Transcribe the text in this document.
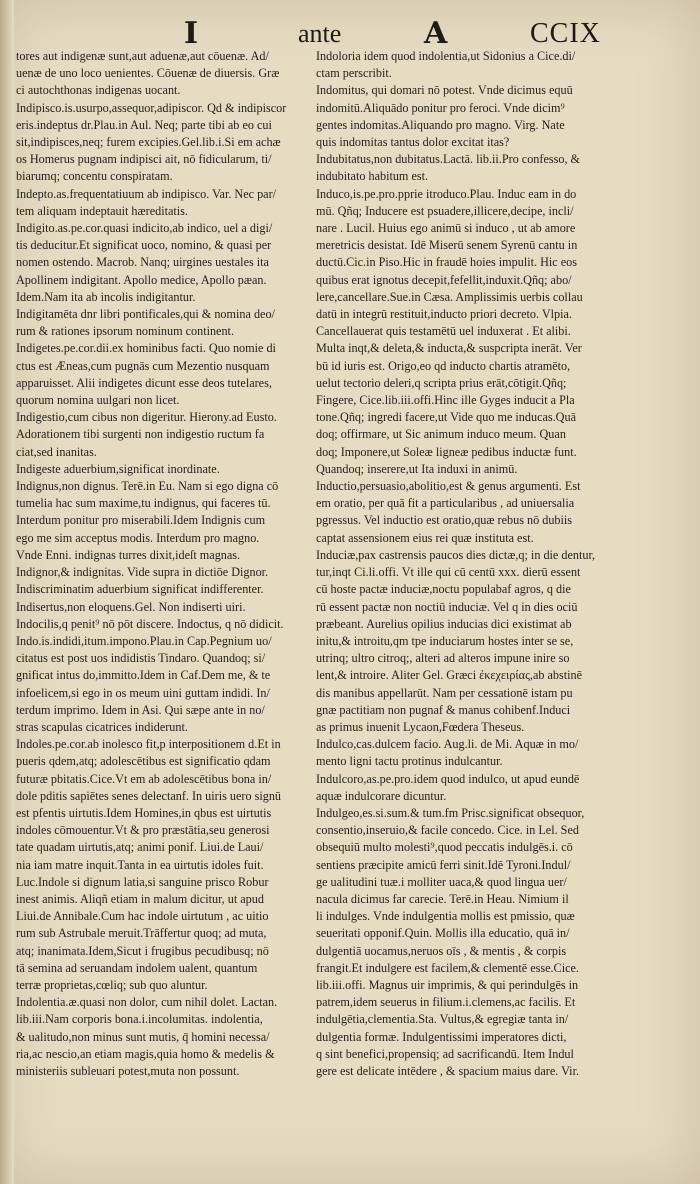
I	ante	A	CCIX
tores aut indigenæ sunt,aut aduenæ,aut cōuenæ. Ad/
uenæ de uno loco uenientes. Cōuenæ de diuersis. Græ
ci autochthonas indigenas uocant.
Indipisco.is.usurpo,assequor,adipiscor. Qd & indipiscor
eris.indeptus dr.Plau.in Aul. Neq; parte tibi ab eo cui
sit,indipisces,neq; furem excipies.Gel.lib.i.Si em achæ
os Homerus pugnam indipisci ait, nō fidicularum, ti/
biarumq; concentu conspiratam.
Indepto.as.frequentatiuum ab indipisco. Var. Nec par/
tem aliquam indeptauit hæreditatis.
Indigito.as.pe.cor.quasi indicito,ab indico, uel a digi/
tis deducitur.Et significat uoco, nomino, & quasi per
nomen ostendo. Macrob. Nanq; uirgines uestales ita
Apollinem indigitant. Apollo medice, Apollo pæan.
Idem.Nam ita ab incolis indigitantur.
Indigitamēta dnr libri pontificales,qui & nomina deo/
rum & rationes ipsorum nominum continent.
Indigetes.pe.cor.dii.ex hominibus facti. Quo nomie di
ctus est Æneas,cum pugnās cum Mezentio nusquam
apparuisset. Alii indigetes dicunt esse deos tutelares,
quorum nomina uulgari non licet.
Indigestio,cum cibus non digeritur. Hierony.ad Eusto.
Adorationem tibi surgenti non indigestio ructum fa
ciat,sed inanitas.
Indigeste aduerbium,significat inordinate.
Indignus,non dignus. Terē.in Eu. Nam si ego digna cō
tumelia hac sum maxime,tu indignus, qui faceres tū.
Interdum ponitur pro miserabili.Idem Indignis cum
ego me sim acceptus modis. Interdum pro magno.
Vnde Enni. indignas turres dixit,ideſt magnas.
Indignor,& indignitas. Vide supra in dictiōe Dignor.
Indiscriminatim aduerbium significat indifferenter.
Indisertus,non eloquens.Gel. Non indiserti uiri.
Indocilis,q penit⁹ nō pōt discere. Indoctus, q nō didicit.
Indo.is.indidi,itum.impono.Plau.in Cap.Pegnium uo/
citatus est post uos indidistis Tindaro. Quandoq; si/
gnificat intus do,immitto.Idem in Caf.Dem me, & te
infoelicem,si ego in os meum uini guttam indidi. In/
terdum imprimo. Idem in Asi. Qui sæpe ante in no/
stras scapulas cicatrices indiderunt.
Indoles.pe.cor.ab inolesco fit,p interpositionem d.Et in
pueris qdem,atq; adolescētibus est significatio qdam
futuræ pbitatis.Cice.Vt em ab adolescētibus bona in/
dole pditis sapiētes senes delectanf. In uiris uero signū
est pfentis uirtutis.Idem Homines,in qbus est uirtutis
indoles cōmouentur.Vt & pro præstātia,seu generosi
tate quadam uirtutis,atq; animi ponif. Liui.de Laui/
nia iam matre inquit.Tanta in ea uirtutis idoles fuit.
Luc.Indole si dignum latia,si sanguine prisco Robur
inest animis. Aliqñ etiam in malum dicitur, ut apud
Liui.de Annibale.Cum hac indole uirtutum , ac uitio
rum sub Astrubale meruit.Trāffertur quoq; ad muta,
atq; inanimata.Idem,Sicut i frugibus pecudibusq; nō
tā semina ad seruandam indolem ualent, quantum
terræ proprietas,cœliq; sub quo aluntur.
Indolentia.æ.quasi non dolor, cum nihil dolet. Lactan.
lib.iii.Nam corporis bona.i.incolumitas. indolentia,
& ualitudo,non minus sunt mutis, q̄ homini necessa/
ria,ac nescio,an etiam magis,quia homo & medelis &
ministeriis subleuari potest,muta non possunt.
Indoloria idem quod indolentia,ut Sidonius a Cice.di/
ctam perscribit.
Indomitus, qui domari nō potest. Vnde dicimus equū
indomitū.Aliquādo ponitur pro feroci. Vnde dicim⁹
gentes indomitas.Aliquando pro magno. Virg. Nate
quis indomitas tantus dolor excitat itas?
Indubitatus,non dubitatus.Lactā. lib.ii.Pro confesso, &
indubitato habitum est.
Induco,is.pe.pro.pprie itroduco.Plau. Induc eam in do
mū. Qñq; Inducere est psuadere,illicere,decipe, incli/
nare . Lucil. Huius ego animū si induco , ut ab amore
meretricis desistat. Idē Miserū senem Syrenū cantu in
ductū.Cic.in Piso.Hic in fraudē hoies impulit. Hic eos
quibus erat ignotus decepit,fefellit,induxit.Qñq; abo/
lere,cancellare.Sue.in Cæsa. Amplissimis uerbis collau
datū in integrū restituit,inducto priori decreto. Vlpia.
Cancellauerat quis testamētū uel induxerat . Et alibi.
Multa inqt,& deleta,& inducta,& suspcripta inerāt. Ver
bū id iuris est. Origo,eo qd inducto chartis atramēto,
uelut tectorio deleri,q scripta prius erāt,cōtigit.Qñq;
Fingere, Cice.lib.iii.offi.Hinc ille Gyges inducit a Pla
tone.Qñq; ingredi facere,ut Vide quo me inducas.Quā
doq; offirmare, ut Sic animum induco meum. Quan
doq; Imponere,ut Soleæ ligneæ pedibus inductæ funt.
Quandoq; inserere,ut Ita induxi in animū.
Inductio,persuasio,abolitio,est & genus argumenti. Est
em oratio, per quā fit a particularibus , ad uniuersalia
pgressus. Vel inductio est oratio,quæ rebus nō dubiis
captat assensionem eius rei quæ instituta est.
Induciæ,pax castrensis paucos dies dictæ,q; in die dentur,
tur,inqt Ci.li.offi. Vt ille qui cū centū xxx. dierū essent
cū hoste pactæ induciæ,noctu populabaf agros, q die
rū essent pactæ non noctiū induciæ. Vel q in dies ociū
præbeant. Aurelius opilius inducias dici existimat ab
initu,& introitu,qm tpe induciarum hostes inter se se,
utrinq; ultro citroq;, alteri ad alteros impune inire so
lent,& introire. Aliter Gel. Græci ἐκεχειρίας,ab abstinē
dis manibus appellarūt. Nam per cessationē istam pu
gnæ pactitiam non pugnaf & manus cohibenf.Induci
as primus inuenit Lycaon,Fœdera Theseus.
Indulco,cas.dulcem facio. Aug.li. de Mi. Aquæ in mo/
mento ligni tactu protinus indulcantur.
Indulcoro,as.pe.pro.idem quod indulco, ut apud eundē
aquæ indulcorare dicuntur.
Indulgeo,es.si.sum.& tum.fm Prisc.significat obsequor,
consentio,inseruio,& facile concedo. Cice. in Lel. Sed
obsequiū multo molesti⁹,quod peccatis indulgēs.i. cō
sentiens præcipite amicū ferri sinit.Idē Tyroni.Indul/
ge ualitudini tuæ.i molliter uaca,& quod lingua uer/
nacula dicimus far carecie. Terē.in Heau. Nimium il
li indulges. Vnde indulgentia mollis est pmissio, quæ
seueritati opponif.Quin. Mollis illa educatio, quā in/
dulgentiā uocamus,neruos oīs , & mentis , & corpis
frangit.Et indulgere est facilem,& clementē esse.Cice.
lib.iii.offi. Magnus uir imprimis, & qui perindulgēs in
patrem,idem seuerus in filium.i.clemens,ac facilis. Et
indulgētia,clementia.Sta. Vultus,& egregiæ tanta in/
dulgentia formæ. Indulgentissimi imperatores dicti,
q sint benefici,propensiq; ad sacrificandū. Item Indul
gere est delicate intēdere , & spacium maius dare. Vir.
